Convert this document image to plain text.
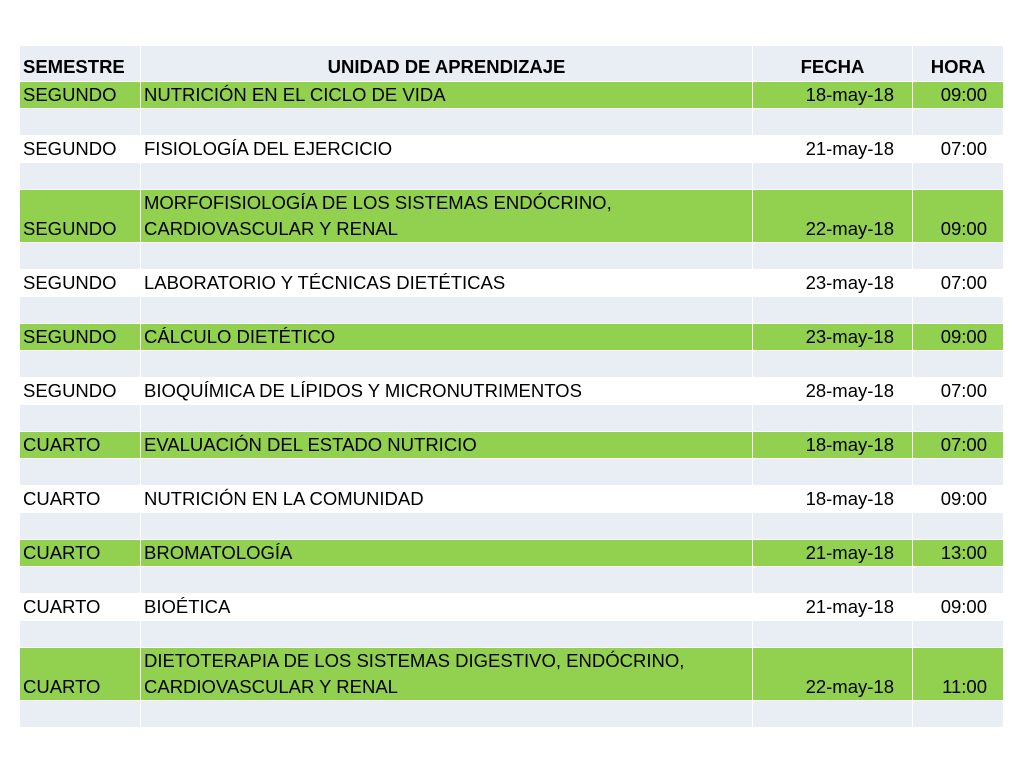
SEMESTRE	UNIDAD DE APRENDIZAJE	FECHA	HORA
SEGUNDO	NUTRICIÓN EN EL CICLO DE VIDA	18-may-18	09:00

SEGUNDO	FISIOLOGÍA DEL EJERCICIO	21-may-18	07:00

SEGUNDO	MORFOFISIOLOGÍA DE LOS SISTEMAS ENDÓCRINO, CARDIOVASCULAR Y RENAL	22-may-18	09:00

SEGUNDO	LABORATORIO Y TÉCNICAS DIETÉTICAS	23-may-18	07:00

SEGUNDO	CÁLCULO DIETÉTICO	23-may-18	09:00

SEGUNDO	BIOQUÍMICA DE LÍPIDOS Y MICRONUTRIMENTOS	28-may-18	07:00

CUARTO	EVALUACIÓN DEL ESTADO NUTRICIO	18-may-18	07:00

CUARTO	NUTRICIÓN EN LA COMUNIDAD	18-may-18	09:00

CUARTO	BROMATOLOGÍA	21-may-18	13:00

CUARTO	BIOÉTICA	21-may-18	09:00

CUARTO	DIETOTERAPIA DE LOS SISTEMAS DIGESTIVO, ENDÓCRINO, CARDIOVASCULAR Y RENAL	22-may-18	11:00
